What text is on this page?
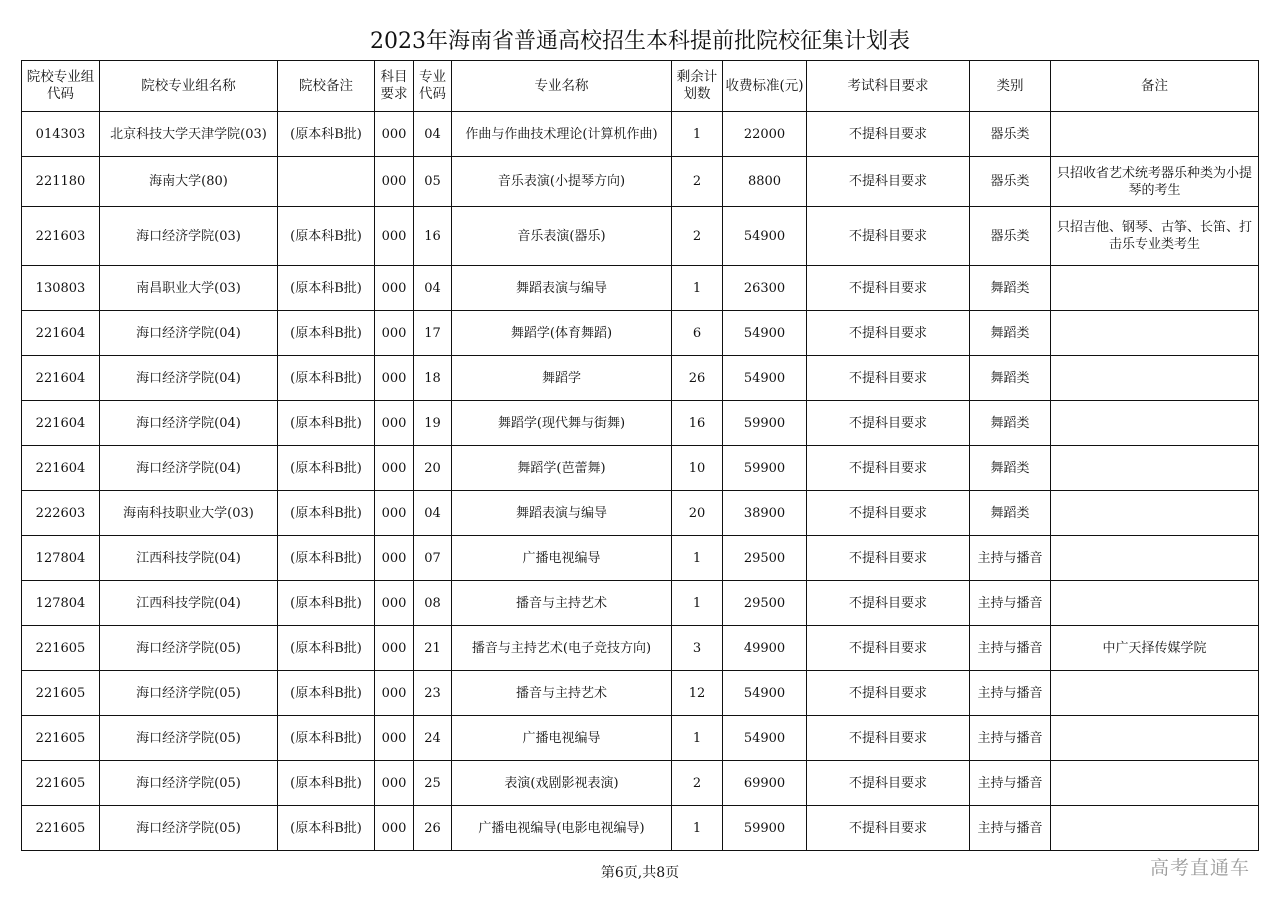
2023年海南省普通高校招生本科提前批院校征集计划表
院校专业组代码	院校专业组名称	院校备注	科目要求	专业代码	专业名称	剩余计划数	收费标准(元)	考试科目要求	类别	备注
014303	北京科技大学天津学院(03)	(原本科B批)	000	04	作曲与作曲技术理论(计算机作曲)	1	22000	不提科目要求	器乐类	
221180	海南大学(80)		000	05	音乐表演(小提琴方向)	2	8800	不提科目要求	器乐类	只招收省艺术统考器乐种类为小提琴的考生
221603	海口经济学院(03)	(原本科B批)	000	16	音乐表演(器乐)	2	54900	不提科目要求	器乐类	只招吉他、钢琴、古筝、长笛、打击乐专业类考生
130803	南昌职业大学(03)	(原本科B批)	000	04	舞蹈表演与编导	1	26300	不提科目要求	舞蹈类	
221604	海口经济学院(04)	(原本科B批)	000	17	舞蹈学(体育舞蹈)	6	54900	不提科目要求	舞蹈类	
221604	海口经济学院(04)	(原本科B批)	000	18	舞蹈学	26	54900	不提科目要求	舞蹈类	
221604	海口经济学院(04)	(原本科B批)	000	19	舞蹈学(现代舞与街舞)	16	59900	不提科目要求	舞蹈类	
221604	海口经济学院(04)	(原本科B批)	000	20	舞蹈学(芭蕾舞)	10	59900	不提科目要求	舞蹈类	
222603	海南科技职业大学(03)	(原本科B批)	000	04	舞蹈表演与编导	20	38900	不提科目要求	舞蹈类	
127804	江西科技学院(04)	(原本科B批)	000	07	广播电视编导	1	29500	不提科目要求	主持与播音	
127804	江西科技学院(04)	(原本科B批)	000	08	播音与主持艺术	1	29500	不提科目要求	主持与播音	
221605	海口经济学院(05)	(原本科B批)	000	21	播音与主持艺术(电子竞技方向)	3	49900	不提科目要求	主持与播音	中广天择传媒学院
221605	海口经济学院(05)	(原本科B批)	000	23	播音与主持艺术	12	54900	不提科目要求	主持与播音	
221605	海口经济学院(05)	(原本科B批)	000	24	广播电视编导	1	54900	不提科目要求	主持与播音	
221605	海口经济学院(05)	(原本科B批)	000	25	表演(戏剧影视表演)	2	69900	不提科目要求	主持与播音	
221605	海口经济学院(05)	(原本科B批)	000	26	广播电视编导(电影电视编导)	1	59900	不提科目要求	主持与播音	
第6页,共8页	高考直通车
